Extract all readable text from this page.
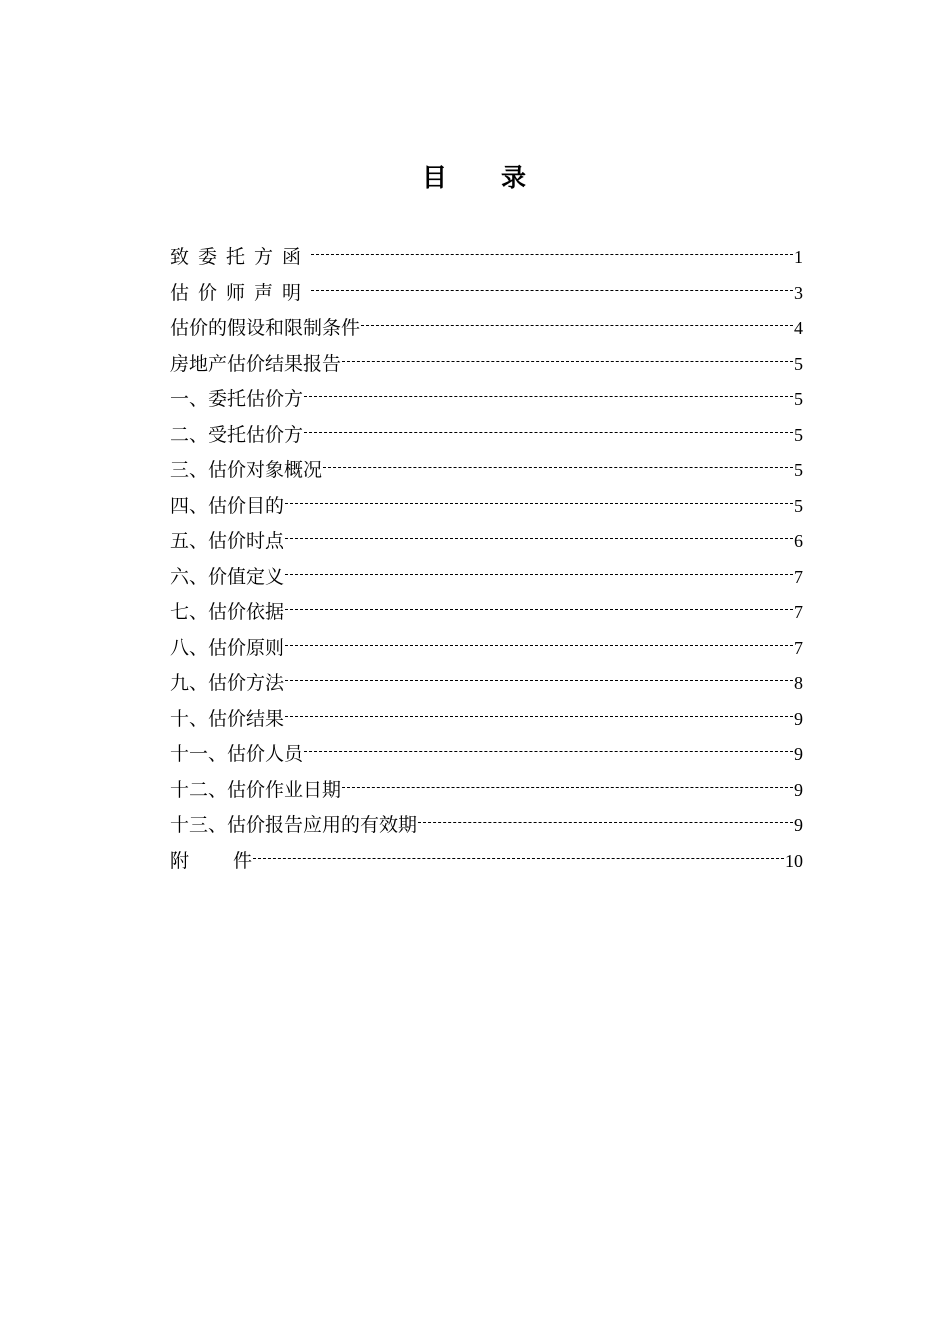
目 录
致委托方函	1
估价师声明	3
估价的假设和限制条件	4
房地产估价结果报告	5
一、委托估价方	5
二、受托估价方	5
三、估价对象概况	5
四、估价目的	5
五、估价时点	6
六、价值定义	7
七、估价依据	7
八、估价原则	7
九、估价方法	8
十、估价结果	9
十一、估价人员	9
十二、估价作业日期	9
十三、估价报告应用的有效期	9
附 件	10
